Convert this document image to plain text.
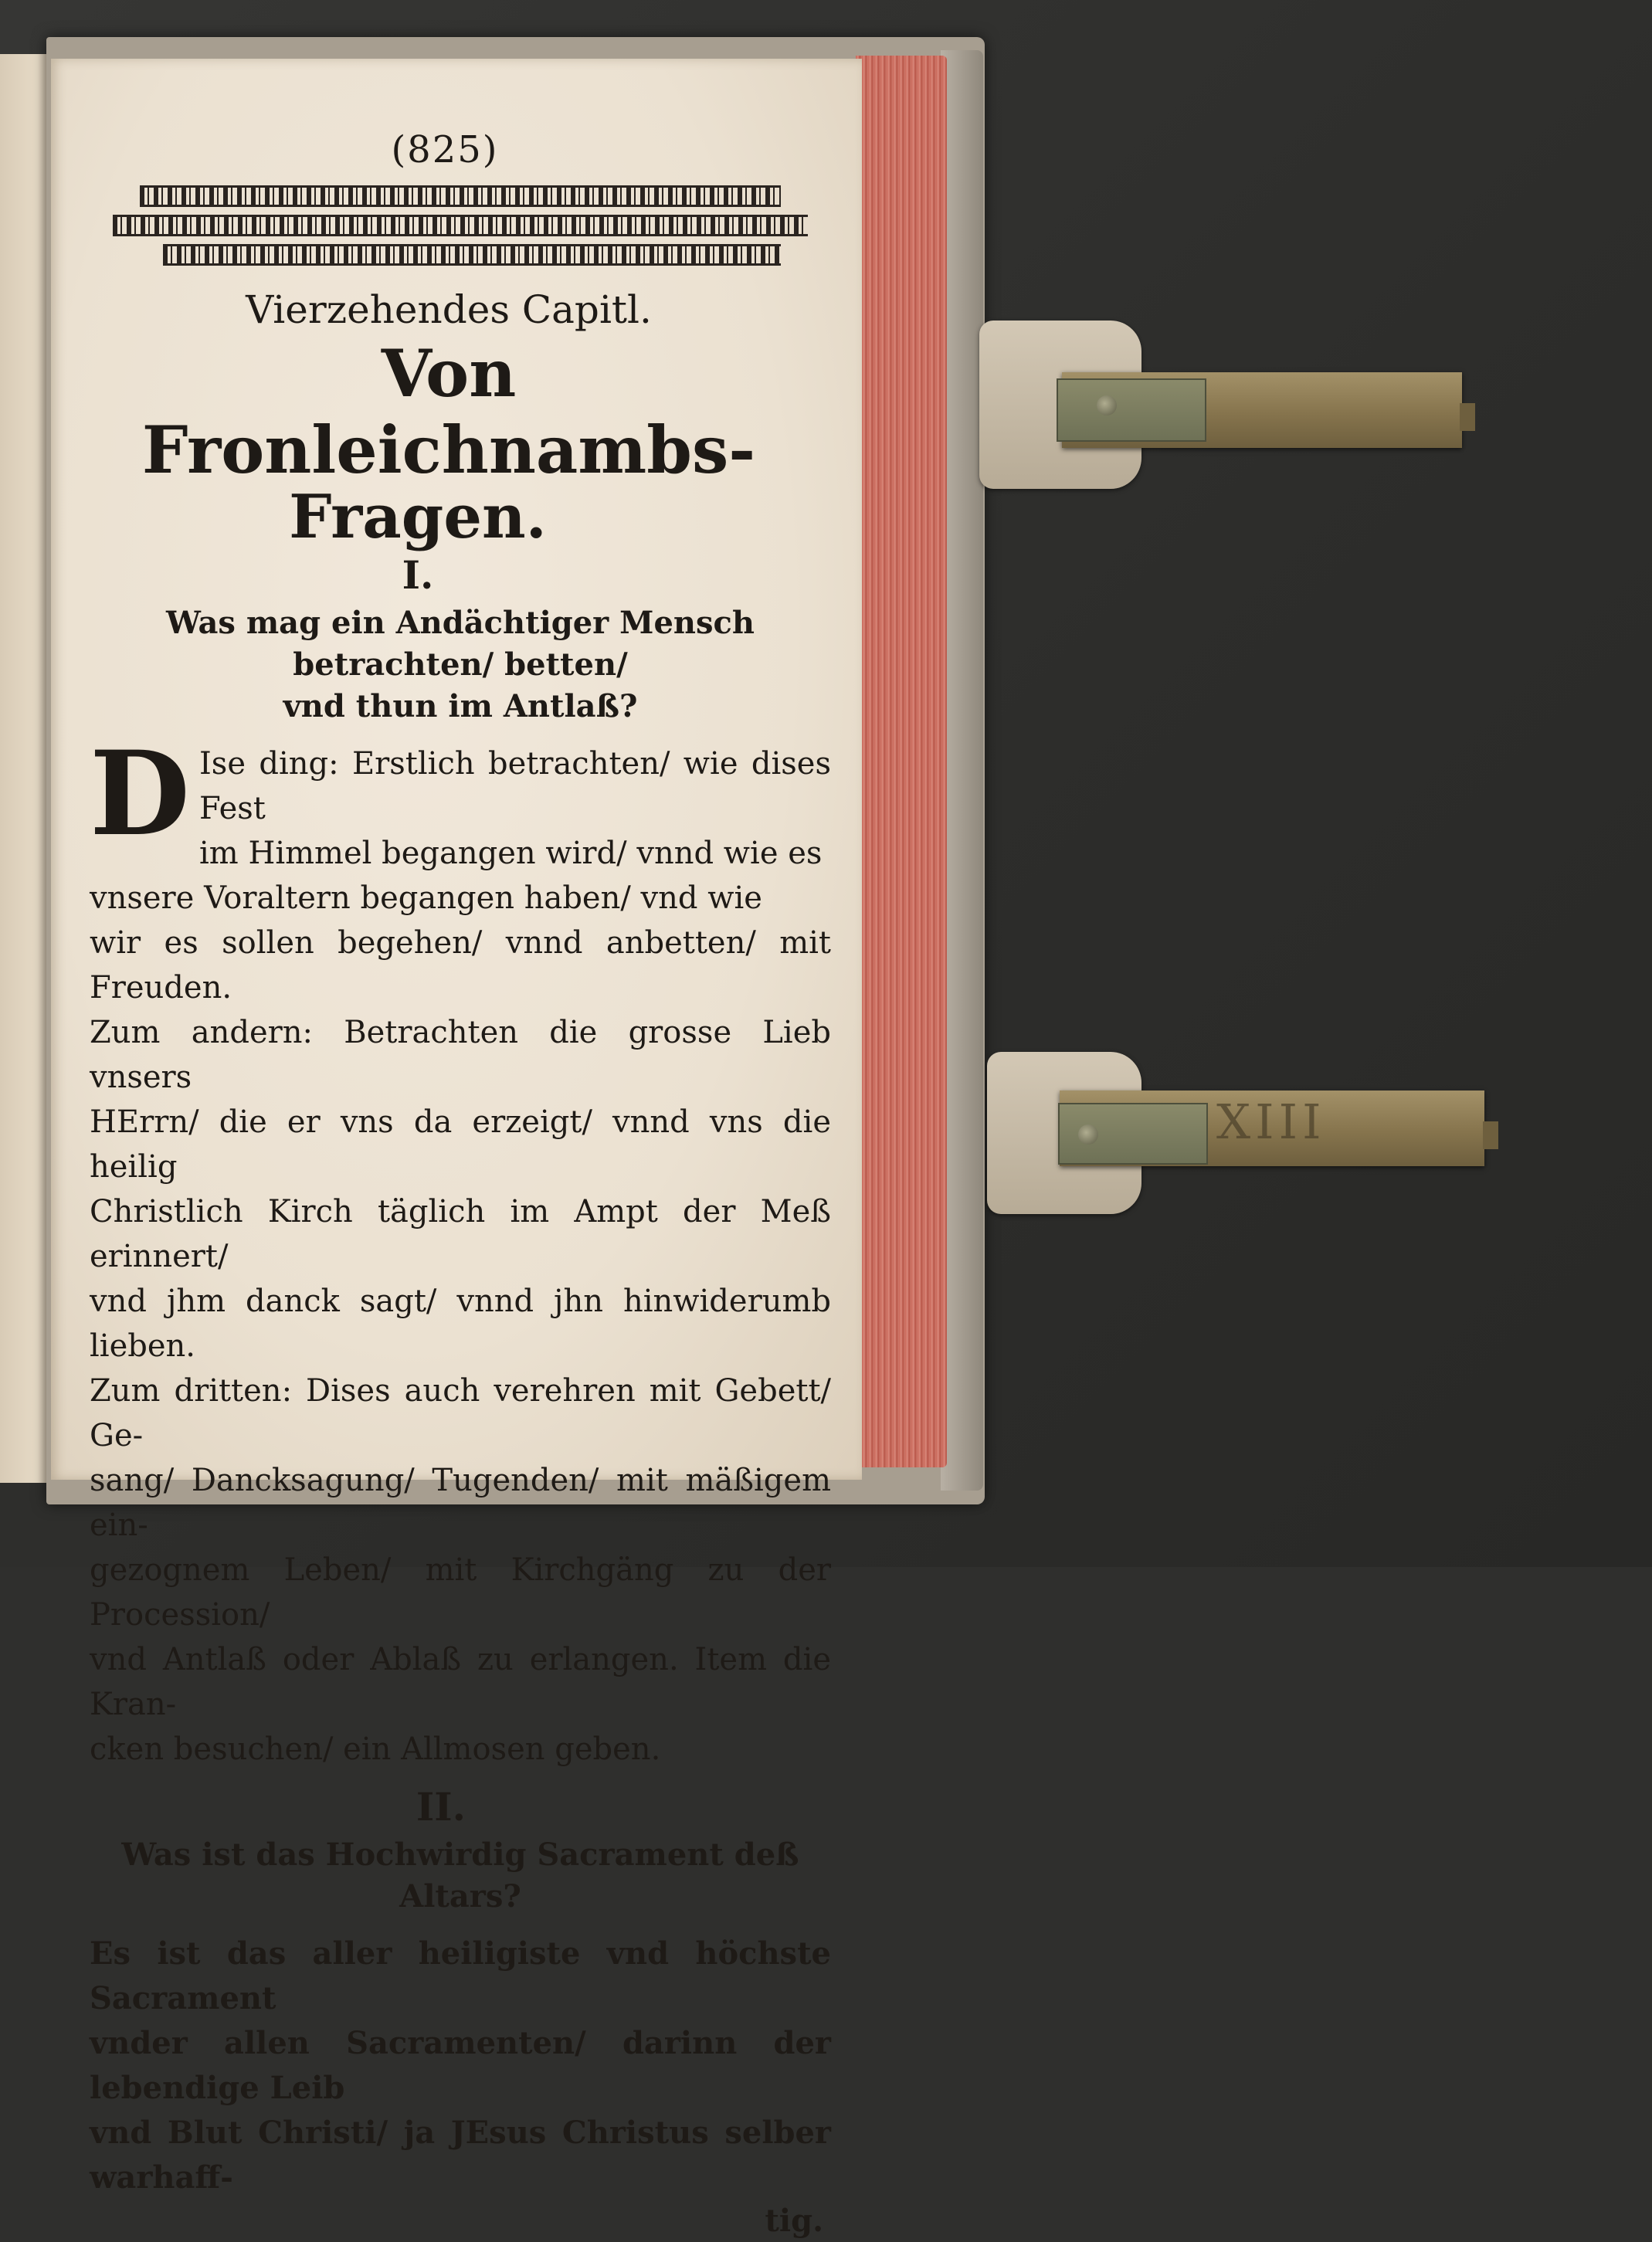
(825)
Vierzehendes Capitl.
Von Fronleichnambs-
Fragen.
I.
Was mag ein Andächtiger Mensch betrachten/ betten/
vnd thun im Antlaß?
D Ise ding: Erstlich betrachten/ wie dises Fest
im Himmel begangen wird/ vnnd wie es
vnsere Voraltern begangen haben/ vnd wie
wir es sollen begehen/ vnnd anbetten/ mit Freuden.
Zum andern: Betrachten die grosse Lieb vnsers
HErrn/ die er vns da erzeigt/ vnnd vns die heilig
Christlich Kirch täglich im Ampt der Meß erinnert/
vnd jhm danck sagt/ vnnd jhn hinwiderumb lieben.
Zum dritten: Dises auch verehren mit Gebett/ Ge-
sang/ Dancksagung/ Tugenden/ mit mäßigem ein-
gezognem Leben/ mit Kirchgäng zu der Procession/
vnd Antlaß oder Ablaß zu erlangen. Item die Kran-
cken besuchen/ ein Allmosen geben.
II.
Was ist das Hochwirdig Sacrament deß
Altars?
Es ist das aller heiligiste vnd höchste Sacrament
vnder allen Sacramenten/ darinn der lebendige Leib
vnd Blut Christi/ ja JEsus Christus selber warhaff-
tig.
XIII
